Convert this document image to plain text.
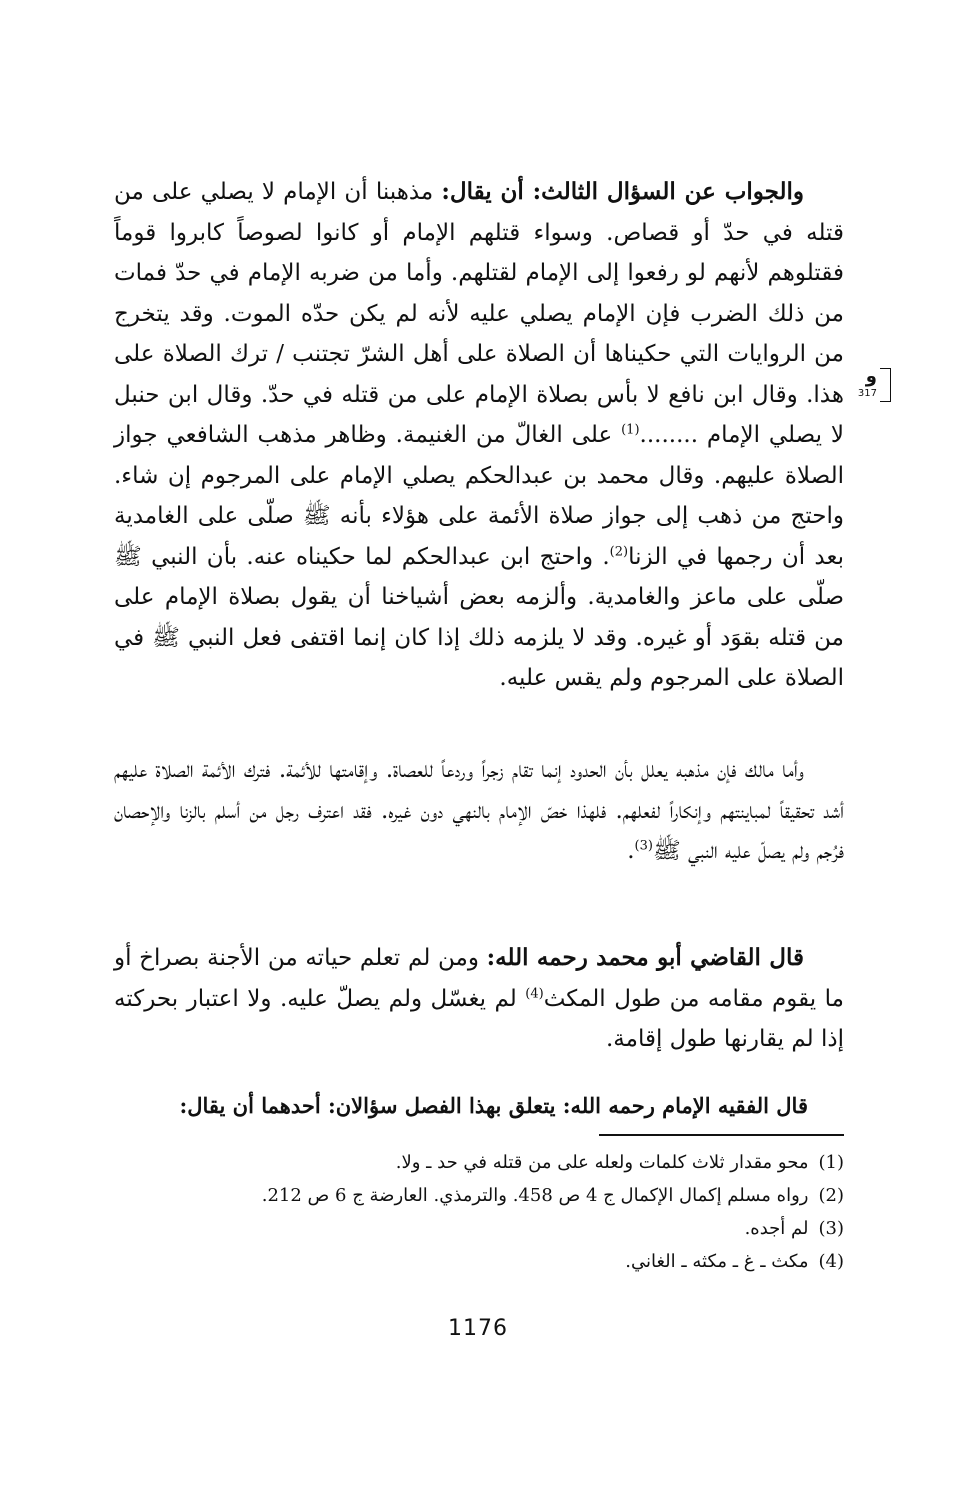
والجواب عن السؤال الثالث: أن يقال: مذهبنا أن الإمام لا يصلي على من قتله في حدّ أو قصاص. وسواء قتلهم الإمام أو كانوا لصوصاً كابروا قوماً فقتلوهم لأنهم لو رفعوا إلى الإمام لقتلهم. وأما من ضربه الإمام في حدّ فمات من ذلك الضرب فإن الإمام يصلي عليه لأنه لم يكن حدّه الموت. وقد يتخرج من الروايات التي حكيناها أن الصلاة على أهل الشرّ تجتنب / ترك الصلاة على هذا. وقال ابن نافع لا بأس بصلاة الإمام على من قتله في حدّ. وقال ابن حنبل لا يصلي الإمام ........$^{(1)}$ على الغالّ من الغنيمة. وظاهر مذهب الشافعي جواز الصلاة عليهم. وقال محمد بن عبدالحكم يصلي الإمام على المرجوم إن شاء. واحتج من ذهب إلى جواز صلاة الأئمة على هؤلاء بأنه ﷺ صلّى على الغامدية بعد أن رجمها في الزنا$^{(2)}$. واحتج ابن عبدالحكم لما حكيناه عنه. بأن النبي ﷺ صلّى على ماعز والغامدية. وألزمه بعض أشياخنا أن يقول بصلاة الإمام على من قتله بقوَد أو غيره. وقد لا يلزمه ذلك إذا كان إنما اقتفى فعل النبي ﷺ في الصلاة على المرجوم ولم يقس عليه.

و
317

وأما مالك فإن مذهبه يعلل بأن الحدود إنما تقام زجراً وردعاً للعصاة. وإقامتها للأئمة. فترك الأئمة الصلاة عليهم أشد تحقيقاً لمباينتهم وإنكاراً لفعلهم. فلهذا خصّ الإمام بالنهي دون غيره. فقد اعترف رجل من أسلم بالزنا والإحصان فرُجم ولم يصلّ عليه النبي ﷺ$^{(3)}$.

قال القاضي أبو محمد رحمه الله: ومن لم تعلم حياته من الأجنة بصراخ أو ما يقوم مقامه من طول المكث$^{(4)}$ لم يغسّل ولم يصلّ عليه. ولا اعتبار بحركته إذا لم يقارنها طول إقامة.

قال الفقيه الإمام رحمه الله: يتعلق بهذا الفصل سؤالان: أحدهما أن يقال:

(1)محو مقدار ثلاث كلمات ولعله على من قتله في حد ـ ولا.
(2)رواه مسلم إكمال الإكمال ج 4 ص 458. والترمذي. العارضة ج 6 ص 212.
(3)لم أجده.
(4)مكث ـ غ ـ مكثه ـ الغاني.
1176
